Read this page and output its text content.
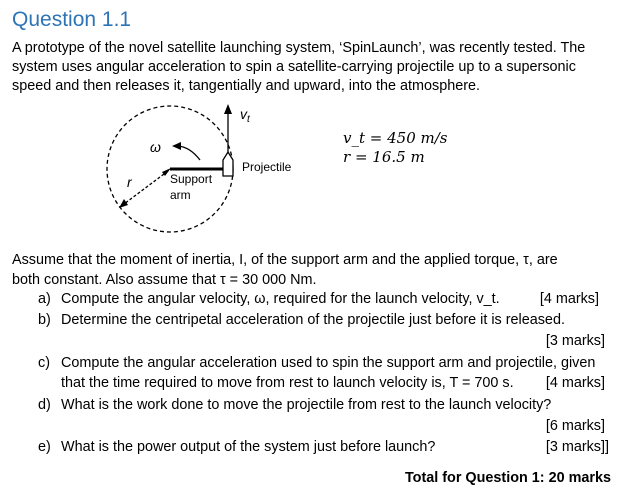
Question 1.1
A prototype of the novel satellite launching system, ‘SpinLaunch’, was recently tested. The
system uses angular acceleration to spin a satellite-carrying projectile up to a supersonic
speed and then releases it, tangentially and upward, into the atmosphere.
ω
r
$v_t$
Support
arm
Projectile
v_t = 450 m/s
r = 16.5 m
Assume that the moment of inertia, I, of the support arm and the applied torque, τ, are
both constant. Also assume that τ = 30 000 Nm.
a) Compute the angular velocity, ω, required for the launch velocity, v_t.	[4 marks]
b) Determine the centripetal acceleration of the projectile just before it is released.
[3 marks]
c) Compute the angular acceleration used to spin the support arm and projectile, given
that the time required to move from rest to launch velocity is, T = 700 s. [4 marks]
d) What is the work done to move the projectile from rest to the launch velocity?
[6 marks]
e) What is the power output of the system just before launch?	[3 marks]]
Total for Question 1: 20 marks
